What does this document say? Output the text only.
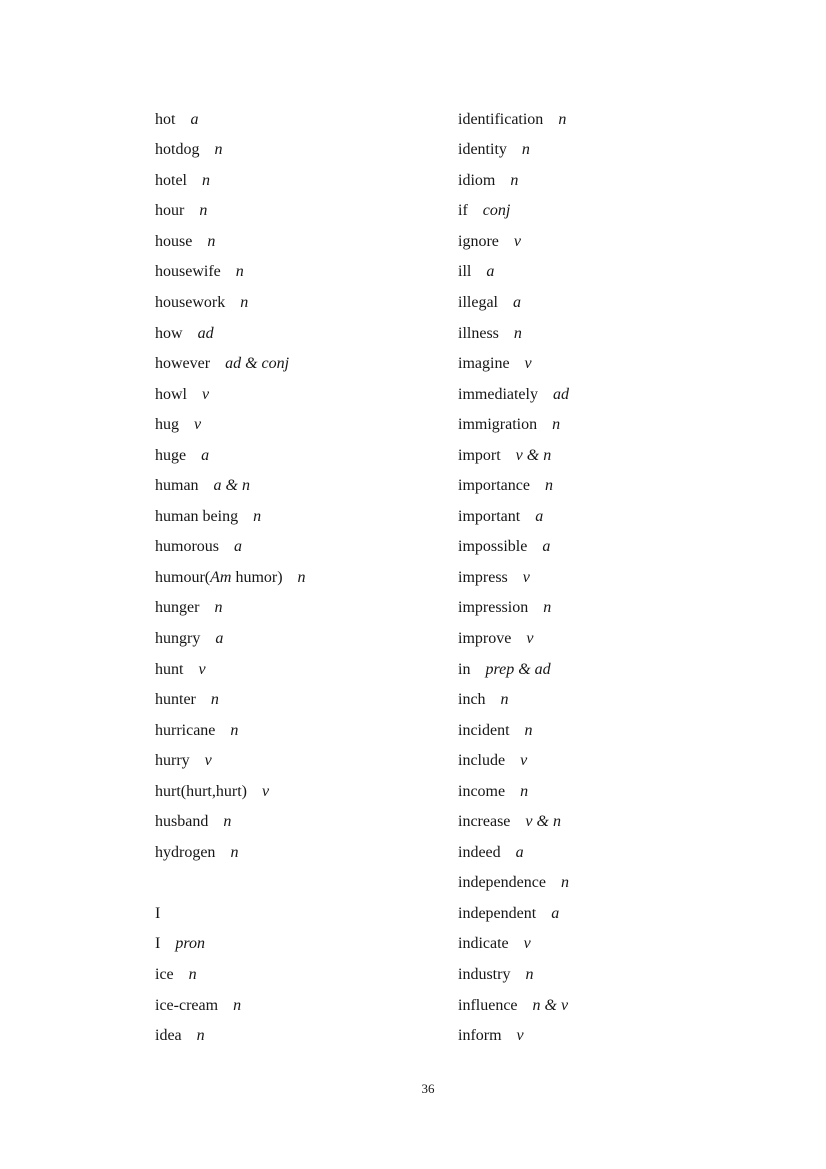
hot a
hotdog n
hotel n
hour n
house n
housewife n
housework n
how ad
however ad & conj
howl v
hug v
huge a
human a & n
human being n
humorous a
humour(Am humor) n
hunger n
hungry a
hunt v
hunter n
hurricane n
hurry v
hurt(hurt,hurt) v
husband n
hydrogen n
I
I pron
ice n
ice-cream n
idea n
identification n
identity n
idiom n
if conj
ignore v
ill a
illegal a
illness n
imagine v
immediately ad
immigration n
import v & n
importance n
important a
impossible a
impress v
impression n
improve v
in prep & ad
inch n
incident n
include v
income n
increase v & n
indeed a
independence n
independent a
indicate v
industry n
influence n & v
inform v
36
